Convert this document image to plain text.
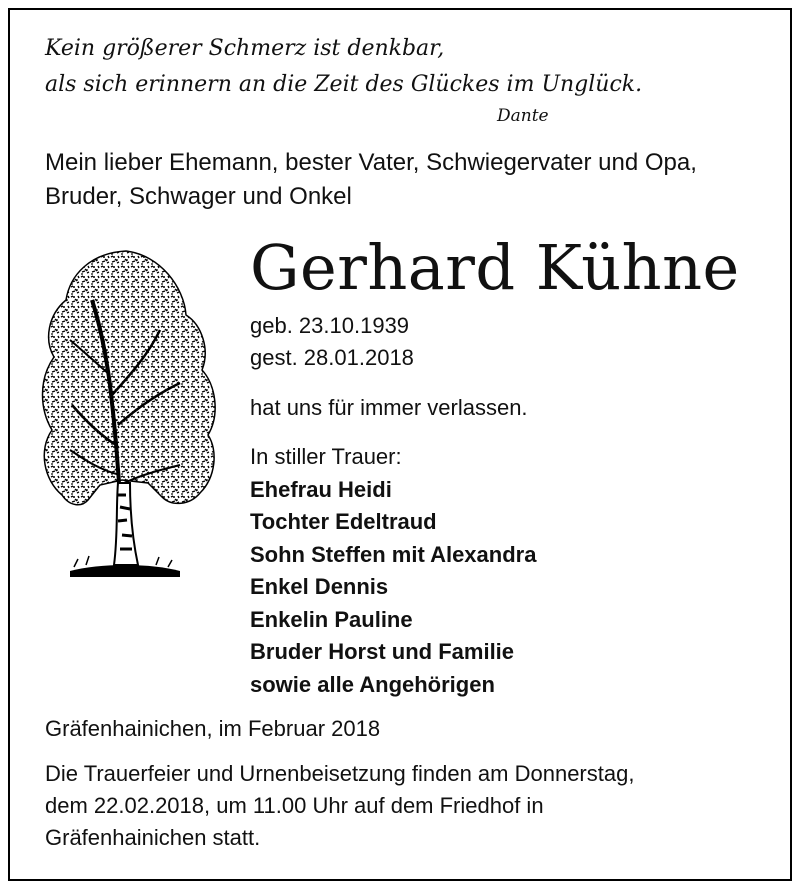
Kein größerer Schmerz ist denkbar,
als sich erinnern an die Zeit des Glückes im Unglück.
Dante
Mein lieber Ehemann, bester Vater, Schwiegervater und Opa,
Bruder, Schwager und Onkel
Gerhard Kühne
geb. 23.10.1939
gest. 28.01.2018
hat uns für immer verlassen.
In stiller Trauer:
Ehefrau Heidi
Tochter Edeltraud
Sohn Steffen mit Alexandra
Enkel Dennis
Enkelin Pauline
Bruder Horst und Familie
sowie alle Angehörigen
Gräfenhainichen, im Februar 2018
Die Trauerfeier und Urnenbeisetzung finden am Donnerstag,
dem 22.02.2018, um 11.00 Uhr auf dem Friedhof in
Gräfenhainichen statt.
